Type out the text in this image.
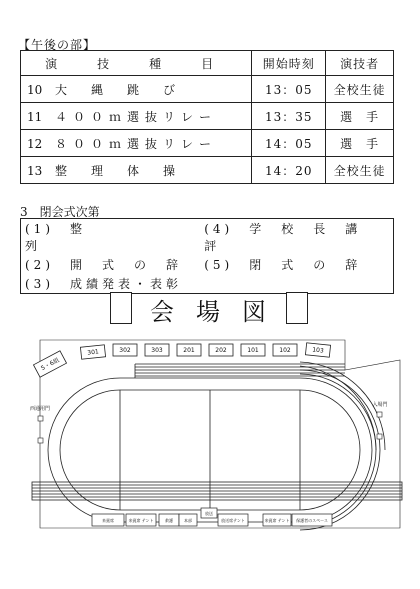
【午後の部】
演　技　種　目	開始時刻	演技者
10 大　縄　跳　び	13：05	全校生徒
11 ４００ｍ選抜リレー	13：35	選　手
12 ８００ｍ選抜リレー	14：05	選　手
13 整　理　体　操	14：20	全校生徒
3　閉会式次第
(1)　整　　　　　　列	(4)　学　校　長　講　評
(2)　開　式　の　辞	(5)　閉　式　の　辞
(3)　成績発表・表彰	
会場図
5・6組
301	302	303	201	202	101	102	103
西通用門
入場門
来賓席	来賓席 テント	救護	本部
放送
放送席テント	来賓席 テント 保護者のスペース
